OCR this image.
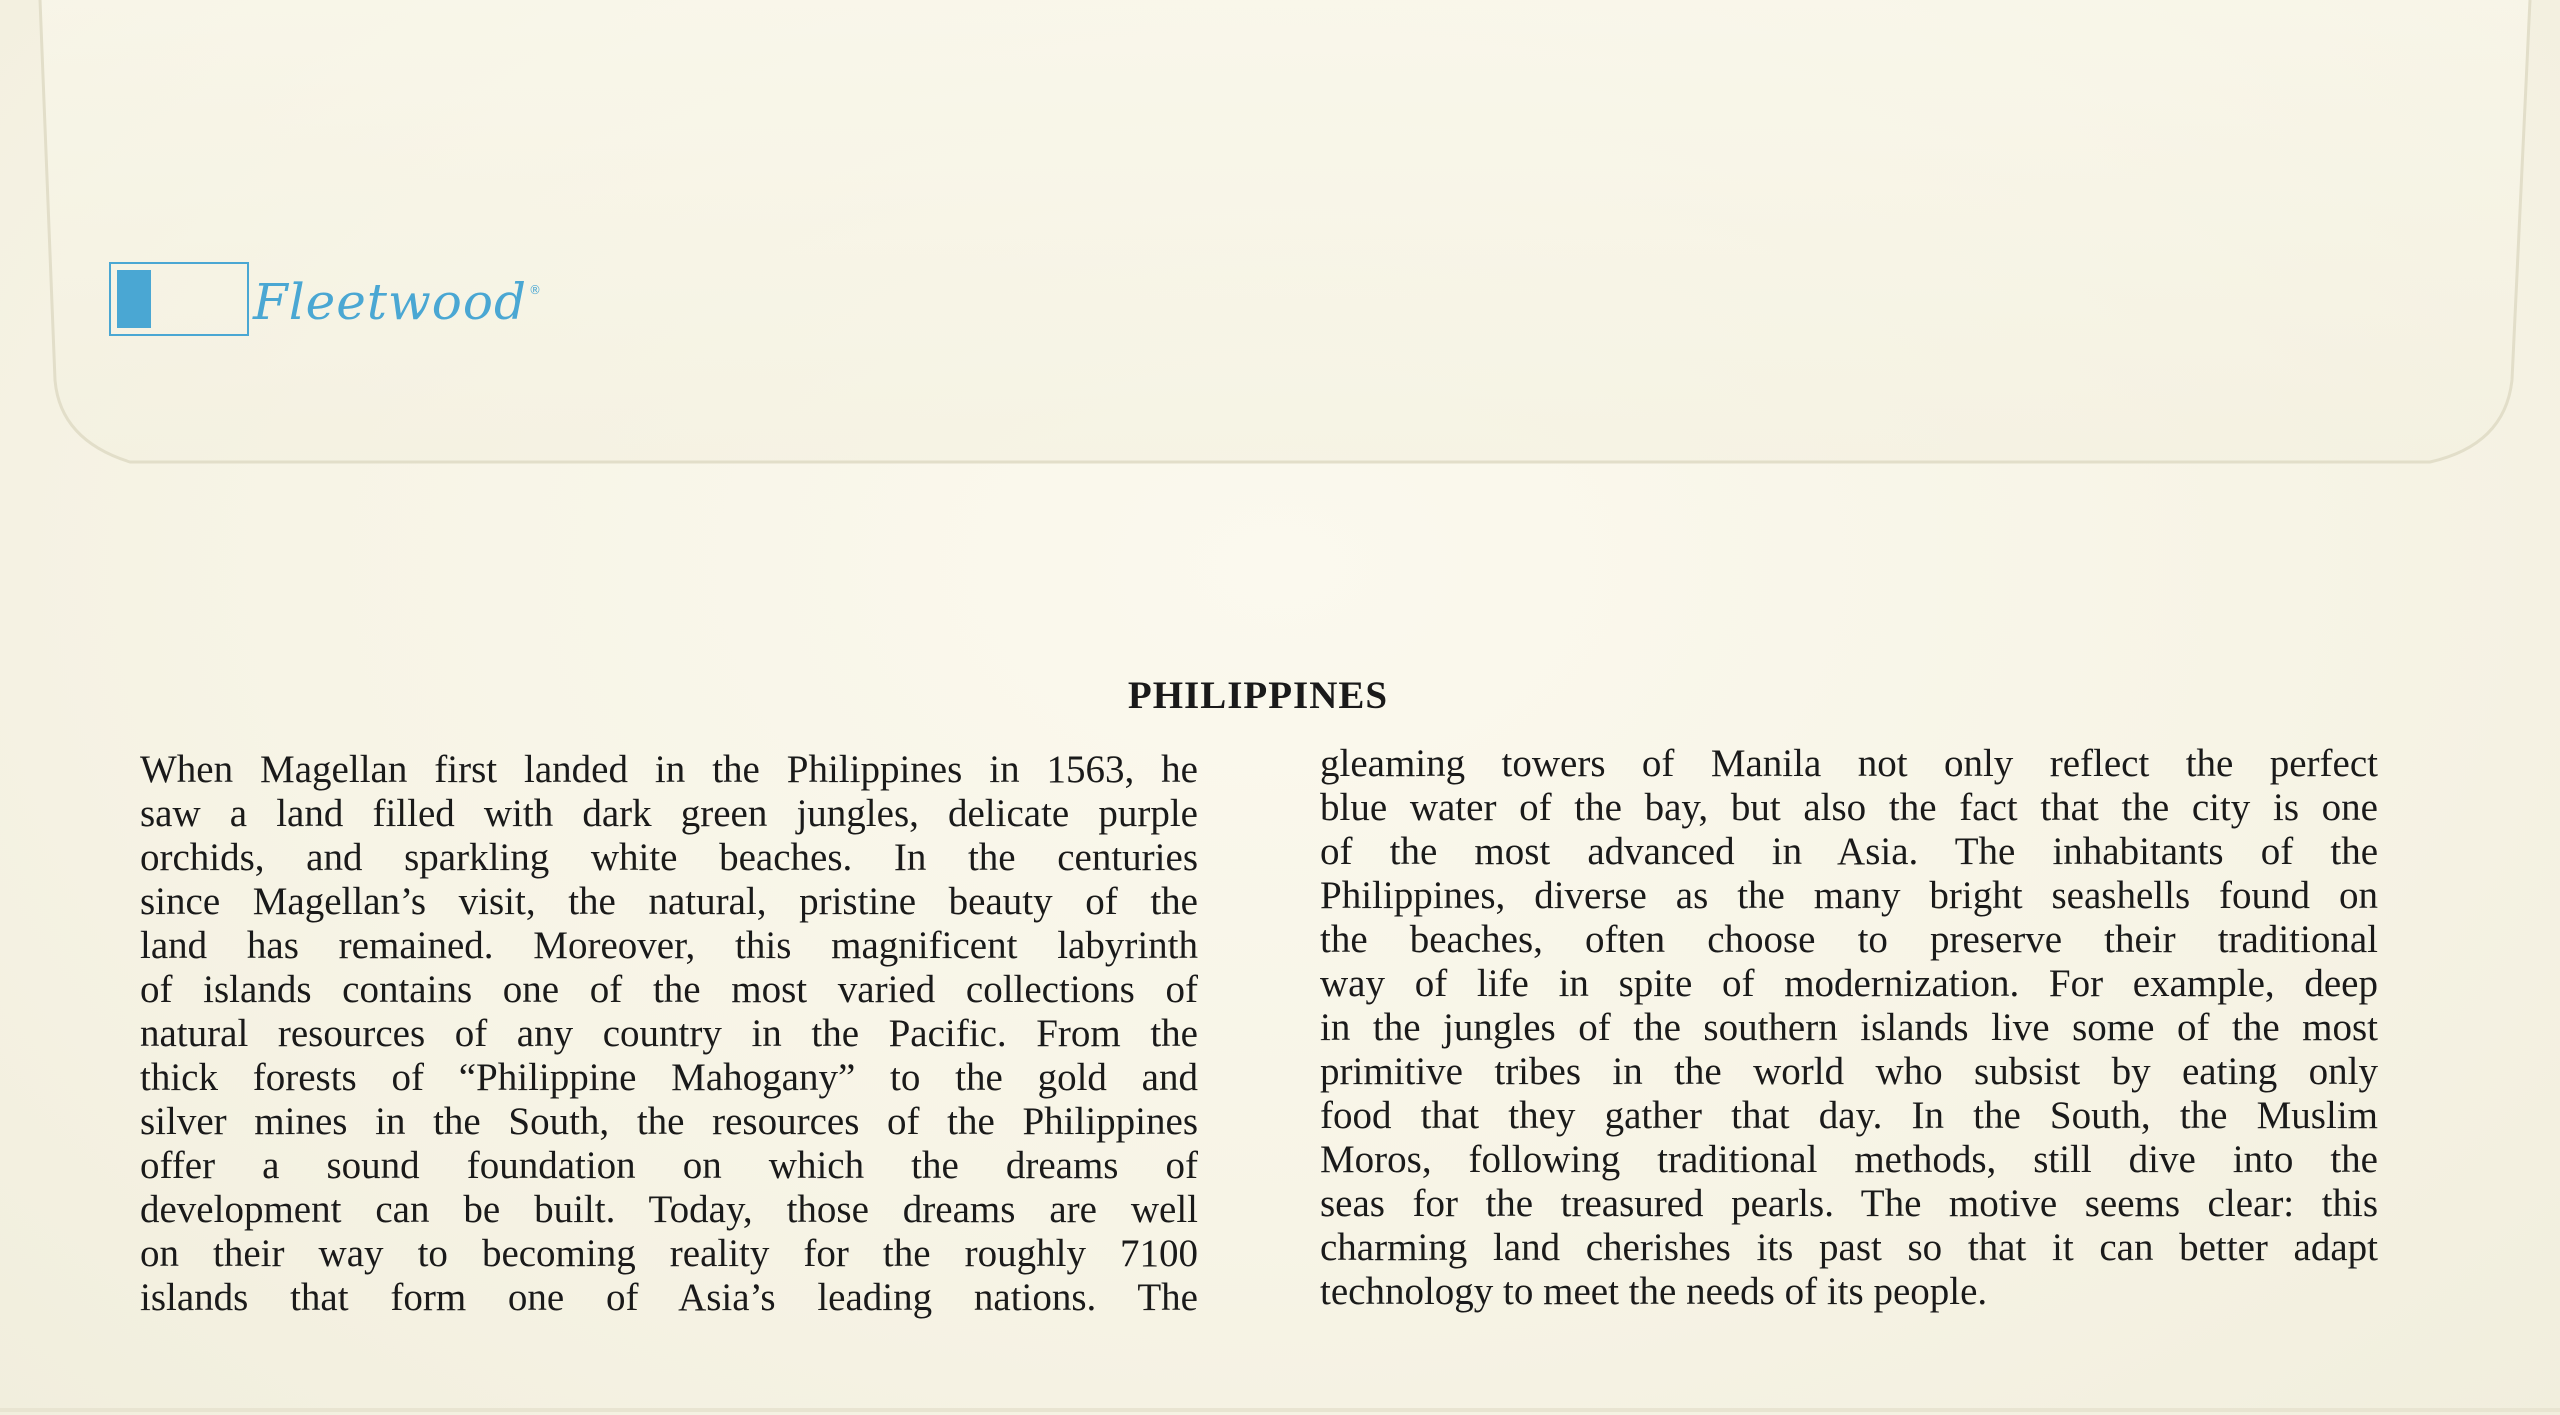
Fleetwood ®
PHILIPPINES
When Magellan first landed in the Philippines in 1563, he
saw a land filled with dark green jungles, delicate purple
orchids, and sparkling white beaches. In the centuries
since Magellan’s visit, the natural, pristine beauty of the
land has remained. Moreover, this magnificent labyrinth
of islands contains one of the most varied collections of
natural resources of any country in the Pacific. From the
thick forests of “Philippine Mahogany” to the gold and
silver mines in the South, the resources of the Philippines
offer a sound foundation on which the dreams of
development can be built. Today, those dreams are well
on their way to becoming reality for the roughly 7100
islands that form one of Asia’s leading nations. The
gleaming towers of Manila not only reflect the perfect
blue water of the bay, but also the fact that the city is one
of the most advanced in Asia. The inhabitants of the
Philippines, diverse as the many bright seashells found on
the beaches, often choose to preserve their traditional
way of life in spite of modernization. For example, deep
in the jungles of the southern islands live some of the most
primitive tribes in the world who subsist by eating only
food that they gather that day. In the South, the Muslim
Moros, following traditional methods, still dive into the
seas for the treasured pearls. The motive seems clear: this
charming land cherishes its past so that it can better adapt
technology to meet the needs of its people.
